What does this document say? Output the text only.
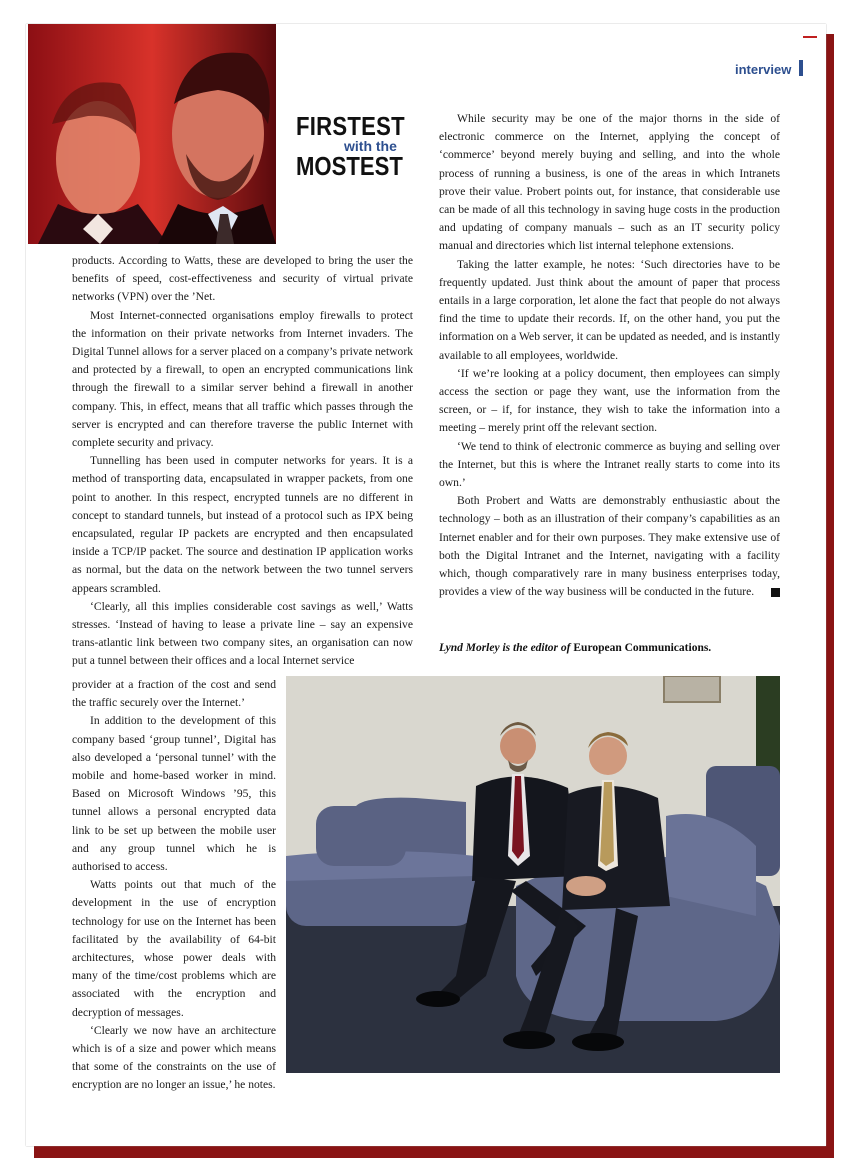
interview
FIRSTEST
with the
MOSTEST

products. According to Watts, these are developed to bring the user the benefits of speed, cost-effectiveness and security of virtual private networks (VPN) over the ’Net.

Most Internet-connected organisations employ firewalls to protect the information on their private networks from Internet invaders. The Digital Tunnel allows for a server placed on a company’s private network and protected by a firewall, to open an encrypted communications link through the firewall to a similar server behind a firewall in another company. This, in effect, means that all traffic which passes through the server is encrypted and can therefore traverse the public Internet with complete security and privacy.

Tunnelling has been used in computer networks for years. It is a method of transporting data, encapsulated in wrapper packets, from one point to another. In this respect, encrypted tunnels are no different in concept to standard tunnels, but instead of a protocol such as IPX being encapsulated, regular IP packets are encrypted and then encapsulated inside a TCP/IP packet. The source and destination IP application works as normal, but the data on the network between the two tunnel servers appears scrambled.

‘Clearly, all this implies considerable cost savings as well,’ Watts stresses. ‘Instead of having to lease a private line – say an expensive trans-atlantic link between two company sites, an organisation can now put a tunnel between their offices and a local Internet service

provider at a fraction of the cost and send the traffic securely over the Internet.’

In addition to the development of this company based ‘group tunnel’, Digital has also developed a ‘personal tunnel’ with the mobile and home-based worker in mind. Based on Microsoft Windows ’95, this tunnel allows a personal encrypted data link to be set up between the mobile user and any group tunnel which he is authorised to access.

Watts points out that much of the development in the use of encryption technology for use on the Internet has been facilitated by the availability of 64-bit architectures, whose power deals with many of the time/cost problems which are associated with the encryption and decryption of messages.

‘Clearly we now have an architecture which is of a size and power which means that some of the constraints on the use of encryption are no longer an issue,’ he notes.

While security may be one of the major thorns in the side of electronic commerce on the Internet, applying the concept of ‘commerce’ beyond merely buying and selling, and into the whole process of running a business, is one of the areas in which Intranets prove their value. Probert points out, for instance, that considerable use can be made of all this technology in saving huge costs in the production and updating of company manuals – such as an IT security policy manual and directories which list internal telephone extensions.

Taking the latter example, he notes: ‘Such directories have to be frequently updated. Just think about the amount of paper that process entails in a large corporation, let alone the fact that people do not always find the time to update their records. If, on the other hand, you put the information on a Web server, it can be updated as needed, and is instantly available to all employees, worldwide.

‘If we’re looking at a policy document, then employees can simply access the section or page they want, use the information from the screen, or – if, for instance, they wish to take the information into a meeting – merely print off the relevant section.

‘We tend to think of electronic commerce as buying and selling over the Internet, but this is where the Intranet really starts to come into its own.’

Both Probert and Watts are demonstrably enthusiastic about the technology – both as an illustration of their company’s capabilities as an Internet enabler and for their own purposes. They make extensive use of both the Digital Intranet and the Internet, navigating with a facility which, though comparatively rare in many business enterprises today, provides a view of the way business will be conducted in the future.

Lynd Morley is the editor of European Communications.
